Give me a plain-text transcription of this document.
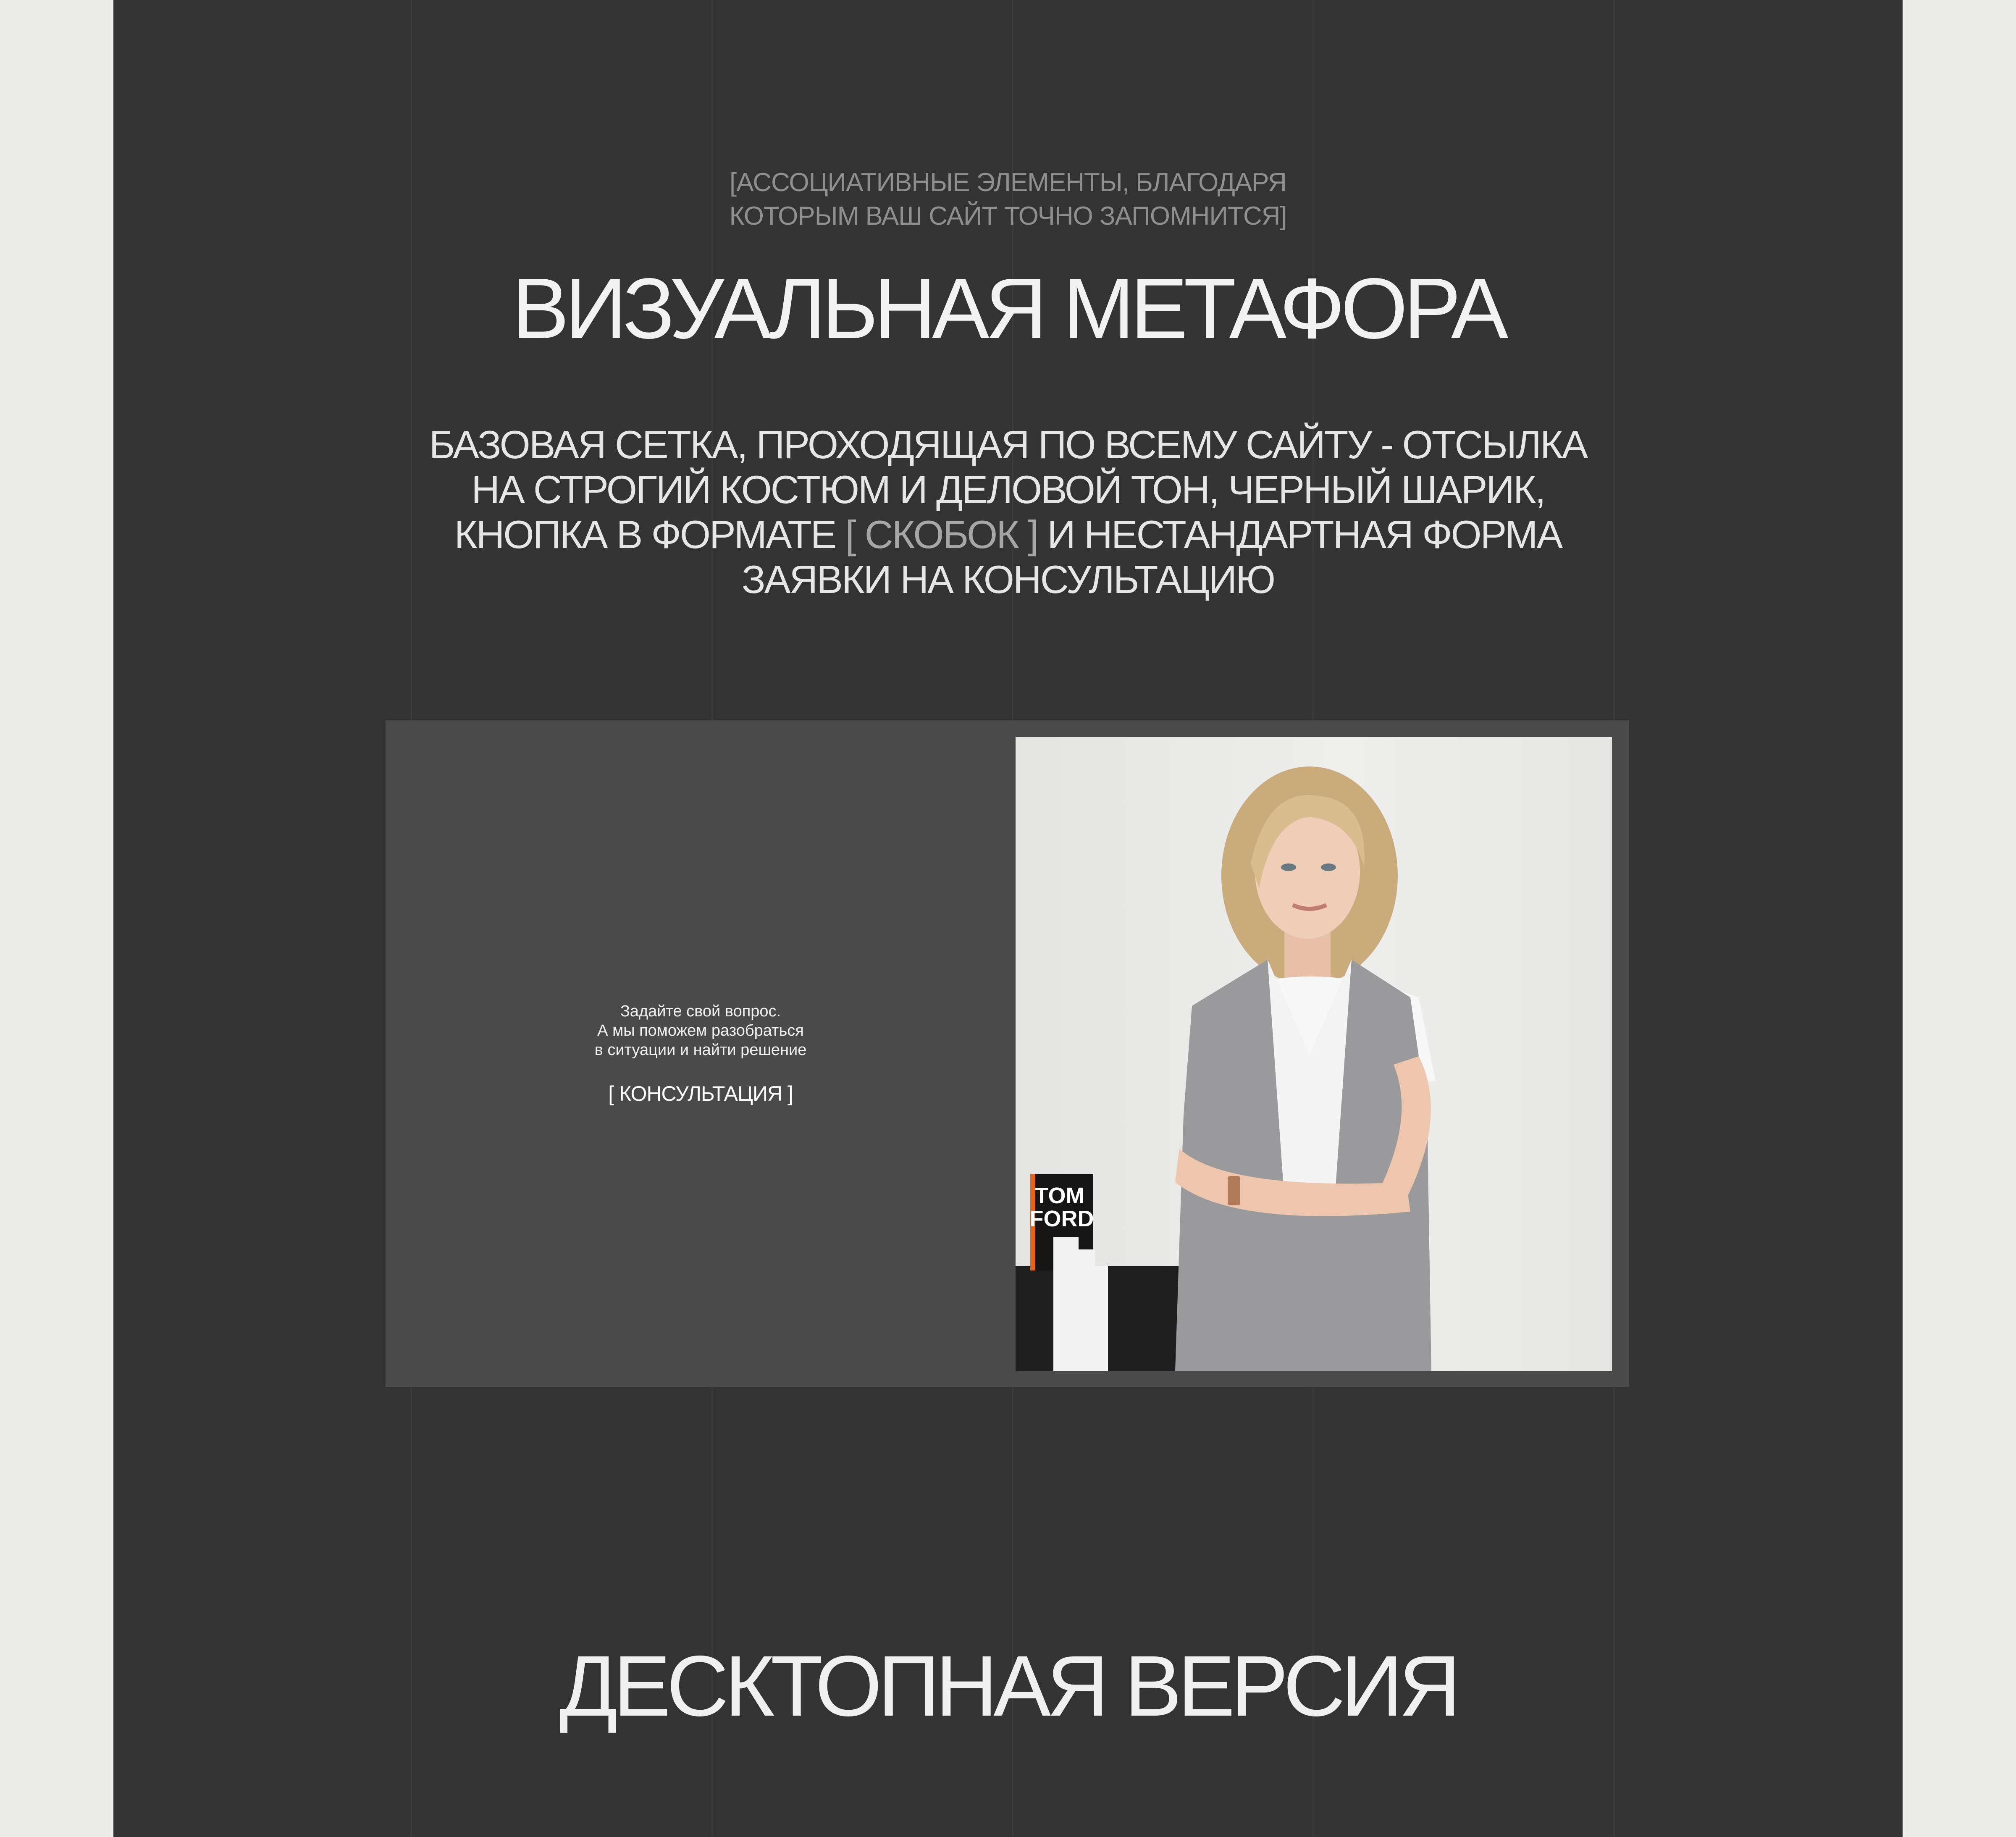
[АССОЦИАТИВНЫЕ ЭЛЕМЕНТЫ, БЛАГОДАРЯ
КОТОРЫМ ВАШ САЙТ ТОЧНО ЗАПОМНИТСЯ]
ВИЗУАЛЬНАЯ МЕТАФОРА
БАЗОВАЯ СЕТКА, ПРОХОДЯЩАЯ ПО ВСЕМУ САЙТУ - ОТСЫЛКА
НА СТРОГИЙ КОСТЮМ И ДЕЛОВОЙ ТОН, ЧЕРНЫЙ ШАРИК,
КНОПКА В ФОРМАТЕ [ СКОБОК ] И НЕСТАНДАРТНАЯ ФОРМА
ЗАЯВКИ НА КОНСУЛЬТАЦИЮ
Задайте свой вопрос.
А мы поможем разобраться
в ситуации и найти решение
[ КОНСУЛЬТАЦИЯ ]
TOM
FORD
ДЕСКТОПНАЯ ВЕРСИЯ
